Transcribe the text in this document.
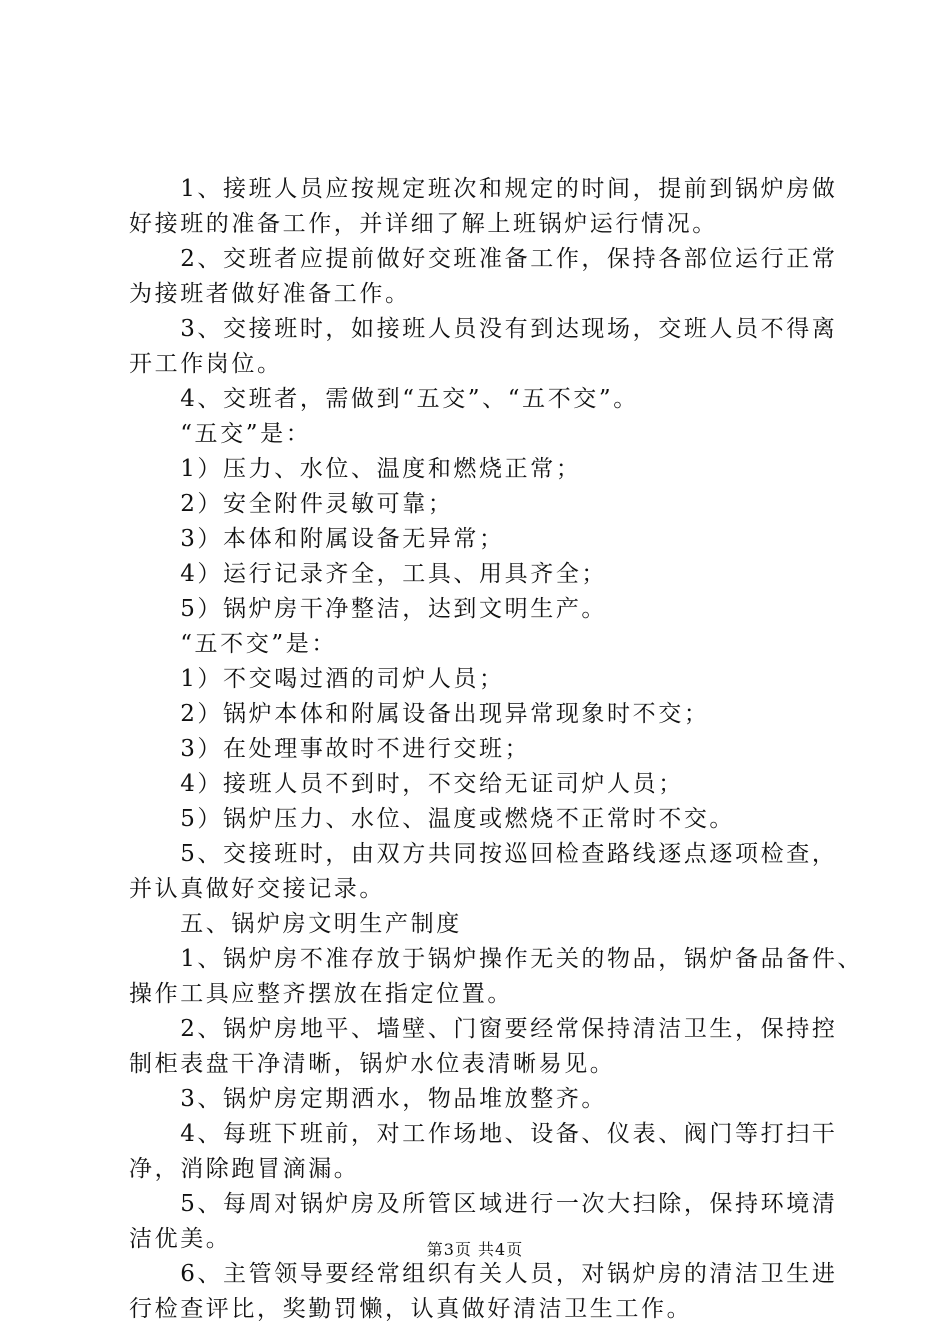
　　1、接班人员应按规定班次和规定的时间，提前到锅炉房做
好接班的准备工作，并详细了解上班锅炉运行情况。
　　2、交班者应提前做好交班准备工作，保持各部位运行正常
为接班者做好准备工作。
　　3、交接班时，如接班人员没有到达现场，交班人员不得离
开工作岗位。
　　4、交班者，需做到“五交”、“五不交”。
　　“五交”是：
　　1）压力、水位、温度和燃烧正常；
　　2）安全附件灵敏可靠；
　　3）本体和附属设备无异常；
　　4）运行记录齐全，工具、用具齐全；
　　5）锅炉房干净整洁，达到文明生产。
　　“五不交”是：
　　1）不交喝过酒的司炉人员；
　　2）锅炉本体和附属设备出现异常现象时不交；
　　3）在处理事故时不进行交班；
　　4）接班人员不到时，不交给无证司炉人员；
　　5）锅炉压力、水位、温度或燃烧不正常时不交。
　　5、交接班时，由双方共同按巡回检查路线逐点逐项检查，
并认真做好交接记录。
　　五、锅炉房文明生产制度
　　1、锅炉房不准存放于锅炉操作无关的物品，锅炉备品备件、
操作工具应整齐摆放在指定位置。
　　2、锅炉房地平、墙壁、门窗要经常保持清洁卫生，保持控
制柜表盘干净清晰，锅炉水位表清晰易见。
　　3、锅炉房定期洒水，物品堆放整齐。
　　4、每班下班前，对工作场地、设备、仪表、阀门等打扫干
净，消除跑冒滴漏。
　　5、每周对锅炉房及所管区域进行一次大扫除，保持环境清
洁优美。
　　6、主管领导要经常组织有关人员，对锅炉房的清洁卫生进
行检查评比，奖勤罚懒，认真做好清洁卫生工作。
第3页 共4页
